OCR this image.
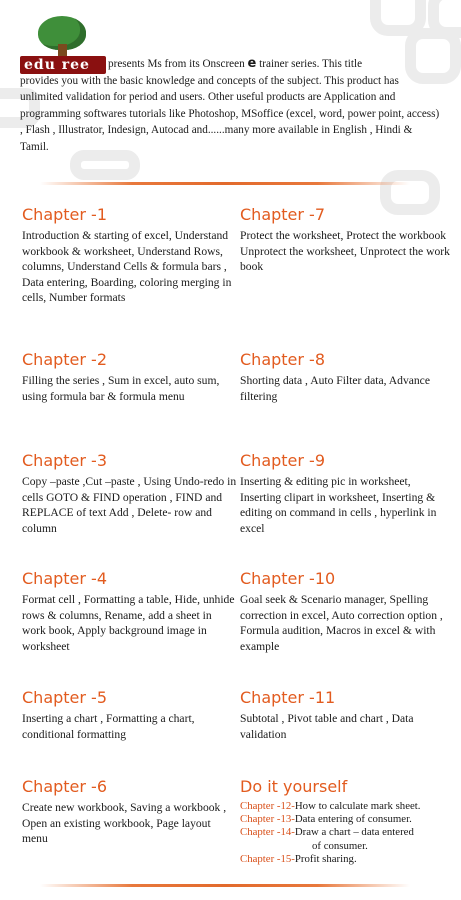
edu ree	presents Ms from its Onscreen e trainer series. This title
provides you with the basic knowledge and concepts of the subject. This product has unlimited validation for period and users. Other useful products are Application and programming softwares tutorials like Photoshop, MSoffice (excel, word, power point, access) , Flash , Illustrator, Indesign, Autocad and......many more available in English , Hindi & Tamil.
Chapter -1

Introduction & starting of excel, Understand workbook & worksheet, Understand Rows, columns, Understand Cells & formula bars , Data entering, Boarding, coloring merging in cells, Number formats

Chapter -7

Protect the worksheet, Protect the workbook Unprotect the worksheet, Unprotect the work book

Chapter -2

Filling the series , Sum in excel, auto sum, using formula bar & formula menu

Chapter -8

Shorting data , Auto Filter data, Advance filtering

Chapter -3

Copy –paste ,Cut –paste , Using Undo-redo in cells GOTO & FIND operation , FIND and REPLACE of text Add , Delete- row and column

Chapter -9

Inserting & editing pic in worksheet, Inserting clipart in worksheet, Inserting & editing on command in cells , hyperlink in excel

Chapter -4

Format cell , Formatting a table, Hide, unhide rows & columns, Rename, add a sheet in work book, Apply background image in worksheet

Chapter -10

Goal seek & Scenario manager, Spelling correction in excel, Auto correction option , Formula audition, Macros in excel & with example

Chapter -5

Inserting a chart , Formatting a chart, conditional formatting

Chapter -11

Subtotal , Pivot table and chart , Data validation

Chapter -6

Create new workbook, Saving a workbook , Open an existing workbook, Page layout menu

Do it yourself
Chapter -12-How to calculate mark sheet.
Chapter -13-Data entering of consumer.
Chapter -14-Draw a chart – data entered
of consumer.
Chapter -15-Profit sharing.
